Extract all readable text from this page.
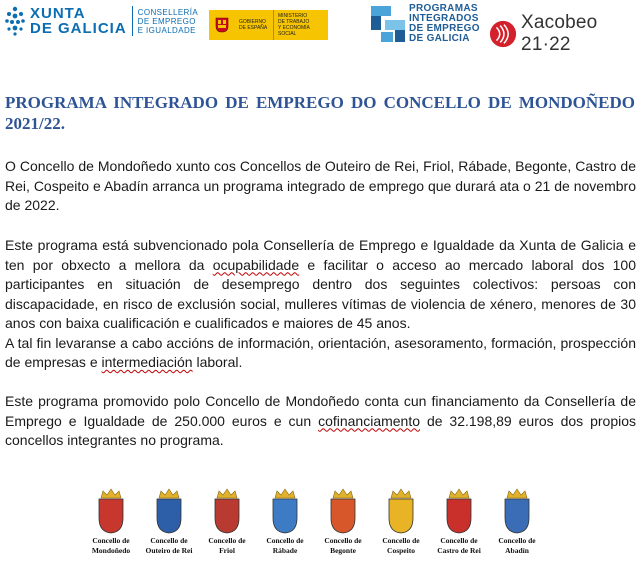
XUNTA
DE GALICIA
CONSELLERÍA
DE EMPREGO
E IGUALDADE
GOBIERNO
DE ESPAÑA
MINISTERIO
DE TRABAJO
Y ECONOMÍA SOCIAL
PROGRAMAS
INTEGRADOS
DE EMPREGO
DE GALICIA
Xacobeo 21·22
PROGRAMA INTEGRADO DE EMPREGO DO CONCELLO DE MONDOÑEDO 2021/22.

O Concello de Mondoñedo xunto cos Concellos de Outeiro de Rei, Friol, Rábade, Begonte, Castro de Rei, Cospeito e Abadín arranca un programa integrado de emprego que durará ata o 21 de novembro de 2022.

Este programa está subvencionado pola Consellería de Emprego e Igualdade da Xunta de Galicia e ten por obxecto a mellora da ocupabilidade e facilitar o acceso ao mercado laboral dos 100 participantes en situación de desemprego dentro dos seguintes colectivos: persoas con discapacidade, en risco de exclusión social, mulleres vítimas de violencia de xénero, menores de 30 anos con baixa cualificación e cualificados e maiores de 45 anos.
A tal fin levaranse a cabo accións de información, orientación, asesoramento, formación, prospección de empresas e intermediación laboral.

Este programa promovido polo Concello de Mondoñedo conta cun financiamento da Consellería de Emprego e Igualdade de 250.000 euros e cun cofinanciamento de 32.198,89 euros dos propios concellos integrantes no programa.

Concello de
Mondoñedo
Concello de
Outeiro de Rei
Concello de
Friol
Concello de
Rábade
Concello de
Begonte
Concello de
Cospeito
Concello de
Castro de Rei
Concello de
Abadín
